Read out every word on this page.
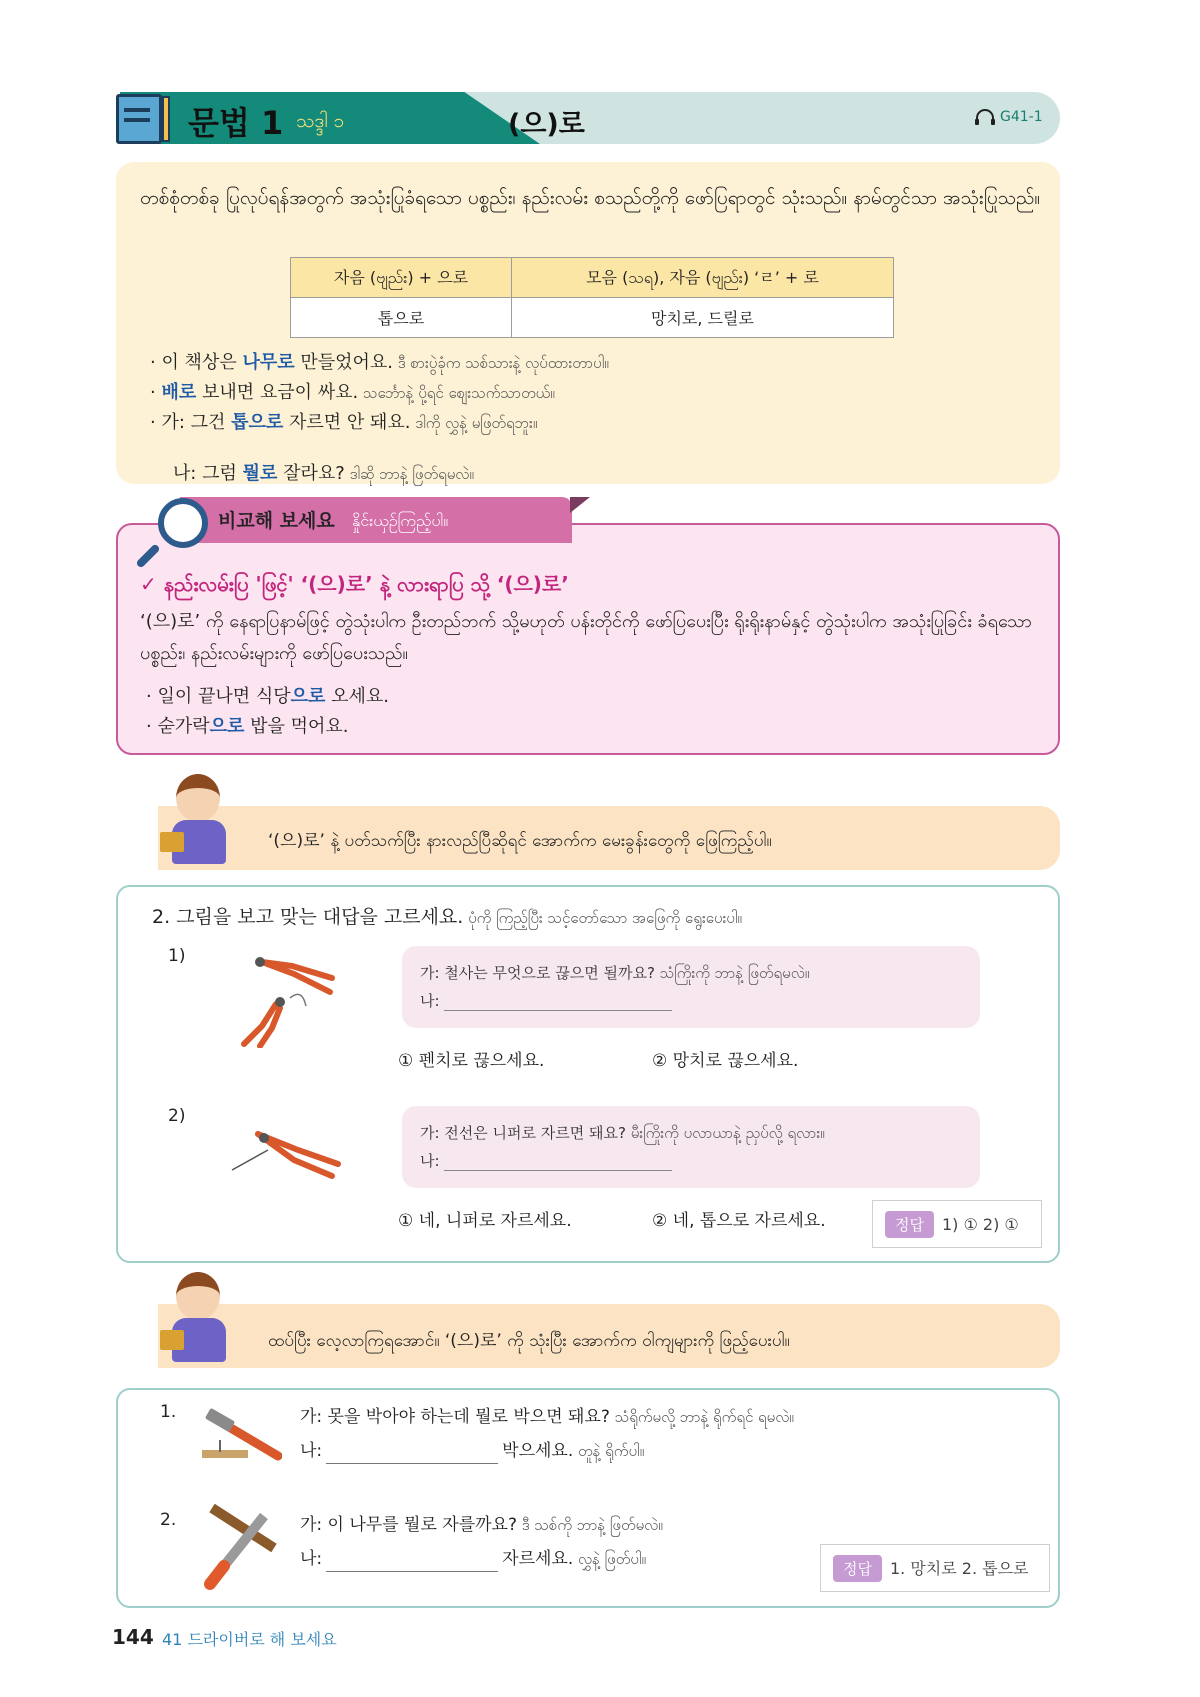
문법 1 သဒ္ဒါ ၁	(으)로	G41-1
တစ်စုံတစ်ခု ပြုလုပ်ရန်အတွက် အသုံးပြုခံရသော ပစ္စည်း၊ နည်းလမ်း စသည်တို့ကို ဖော်ပြရာတွင် သုံးသည်။ နာမ်တွင်သာ အသုံးပြုသည်။
자음 (ဗျည်း) + 으로	모음 (သရ), 자음 (ဗျည်း) ‘ㄹ’ + 로
톱으로	망치로, 드릴로
· 이 책상은 나무로 만들었어요. ဒီ စားပွဲခုံက သစ်သားနဲ့ လုပ်ထားတာပါ။
· 배로 보내면 요금이 싸요. သင်္ဘောနဲ့ ပို့ရင် စျေးသက်သာတယ်။
· 가: 그건 톱으로 자르면 안 돼요. ဒါကို လွှနဲ့ မဖြတ်ရဘူး။

나: 그럼 뭘로 잘라요? ဒါဆို ဘာနဲ့ ဖြတ်ရမလဲ။

비교해 보세요 နှိုင်းယှဉ်ကြည့်ပါ။
✓ နည်းလမ်းပြ 'ဖြင့်' ‘(으)로’ နဲ့ လားရာပြ သို့ ‘(으)로’
‘(으)로’ ကို နေရာပြနာမ်ဖြင့် တွဲသုံးပါက ဦးတည်ဘက် သို့မဟုတ် ပန်းတိုင်ကို ဖော်ပြပေးပြီး ရိုးရိုးနာမ်နှင့် တွဲသုံးပါက အသုံးပြုခြင်း ခံရသော ပစ္စည်း၊ နည်းလမ်းများကို ဖော်ပြပေးသည်။
· 일이 끝나면 식당으로 오세요.
· 숟가락으로 밥을 먹어요.
‘(으)로’ နဲ့ ပတ်သက်ပြီး နားလည်ပြီဆိုရင် အောက်က မေးခွန်းတွေကို ဖြေကြည့်ပါ။
2. 그림을 보고 맞는 대답을 고르세요. ပုံကို ကြည့်ပြီး သင့်တော်သော အဖြေကို ရွေးပေးပါ။
1)
가: 철사는 무엇으로 끊으면 될까요? သံကြိုးကို ဘာနဲ့ ဖြတ်ရမလဲ။
나:
① 펜치로 끊으세요.	② 망치로 끊으세요.
2)
가: 전선은 니퍼로 자르면 돼요? မီးကြိုးကို ပလာယာနဲ့ ညှပ်လို့ ရလား။
나:
① 네, 니퍼로 자르세요.	② 네, 톱으로 자르세요.	정답 1) ① 2) ①
ထပ်ပြီး လေ့လာကြရအောင်။ ‘(으)로’ ကို သုံးပြီး အောက်က ဝါကျများကို ဖြည့်ပေးပါ။
1.	가: 못을 박아야 하는데 뭘로 박으면 돼요? သံရိုက်မလို့ ဘာနဲ့ ရိုက်ရင် ရမလဲ။
나:	박으세요. တူနဲ့ ရိုက်ပါ။
2.	가: 이 나무를 뭘로 자를까요? ဒီ သစ်ကို ဘာနဲ့ ဖြတ်မလဲ။
나:	자르세요. လွှနဲ့ ဖြတ်ပါ။
정답 1. 망치로 2. 톱으로
144 41 드라이버로 해 보세요
